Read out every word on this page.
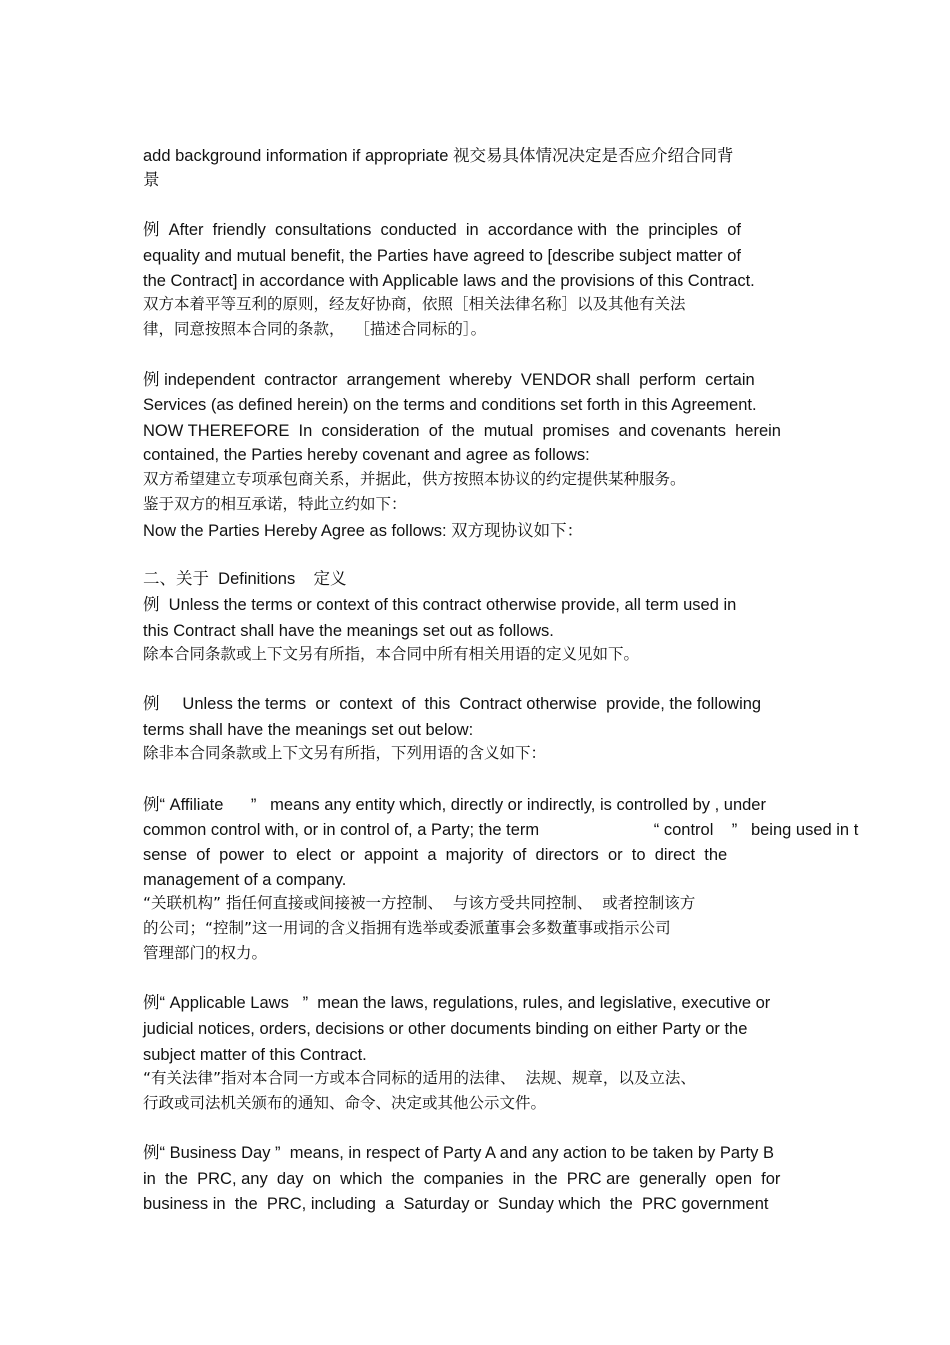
add background information if appropriate 视交易具体情况决定是否应介绍合同背

景

例  After  friendly  consultations  conducted  in  accordance with  the  principles  of

equality and mutual benefit, the Parties have agreed to [describe subject matter of

the Contract] in accordance with Applicable laws and the provisions of this Contract.

双方本着平等互利的原则，经友好协商，依照［相关法律名称］以及其他有关法

律，同意按照本合同的条款，  ［描述合同标的］。

例 independent  contractor  arrangement  whereby  VENDOR shall  perform  certain

Services (as defined herein) on the terms and conditions set forth in this Agreement.

NOW THEREFORE  In  consideration  of  the  mutual  promises  and covenants  herein

contained, the Parties hereby covenant and agree as follows:

双方希望建立专项承包商关系，并据此，供方按照本协议的约定提供某种服务。

鉴于双方的相互承诺，特此立约如下：

Now the Parties Hereby Agree as follows: 双方现协议如下：

二、关于  Definitions    定义

例  Unless the terms or context of this contract otherwise provide, all term used in

this Contract shall have the meanings set out as follows.

除本合同条款或上下文另有所指，本合同中所有相关用语的定义见如下。

例     Unless the terms  or  context  of  this  Contract otherwise  provide, the following

terms shall have the meanings set out below:

除非本合同条款或上下文另有所指，下列用语的含义如下：

例“ Affiliate      ”   means any entity which, directly or indirectly, is controlled by , under

common control with, or in control of, a Party; the term                         “ control    ”   being used in t

sense  of  power  to  elect  or  appoint  a  majority  of  directors  or  to  direct  the

management of a company.

“关联机构” 指任何直接或间接被一方控制、  与该方受共同控制、  或者控制该方

的公司；“控制”这一用词的含义指拥有选举或委派董事会多数董事或指示公司

管理部门的权力。

例“ Applicable Laws   ”  mean the laws, regulations, rules, and legislative, executive or

judicial notices, orders, decisions or other documents binding on either Party or the

subject matter of this Contract.

“有关法律”指对本合同一方或本合同标的适用的法律、  法规、规章，以及立法、

行政或司法机关颁布的通知、命令、决定或其他公示文件。

例“ Business Day ”  means, in respect of Party A and any action to be taken by Party B

in  the  PRC, any  day  on  which  the  companies  in  the  PRC are  generally  open  for

business in  the  PRC, including  a  Saturday or  Sunday which  the  PRC government
